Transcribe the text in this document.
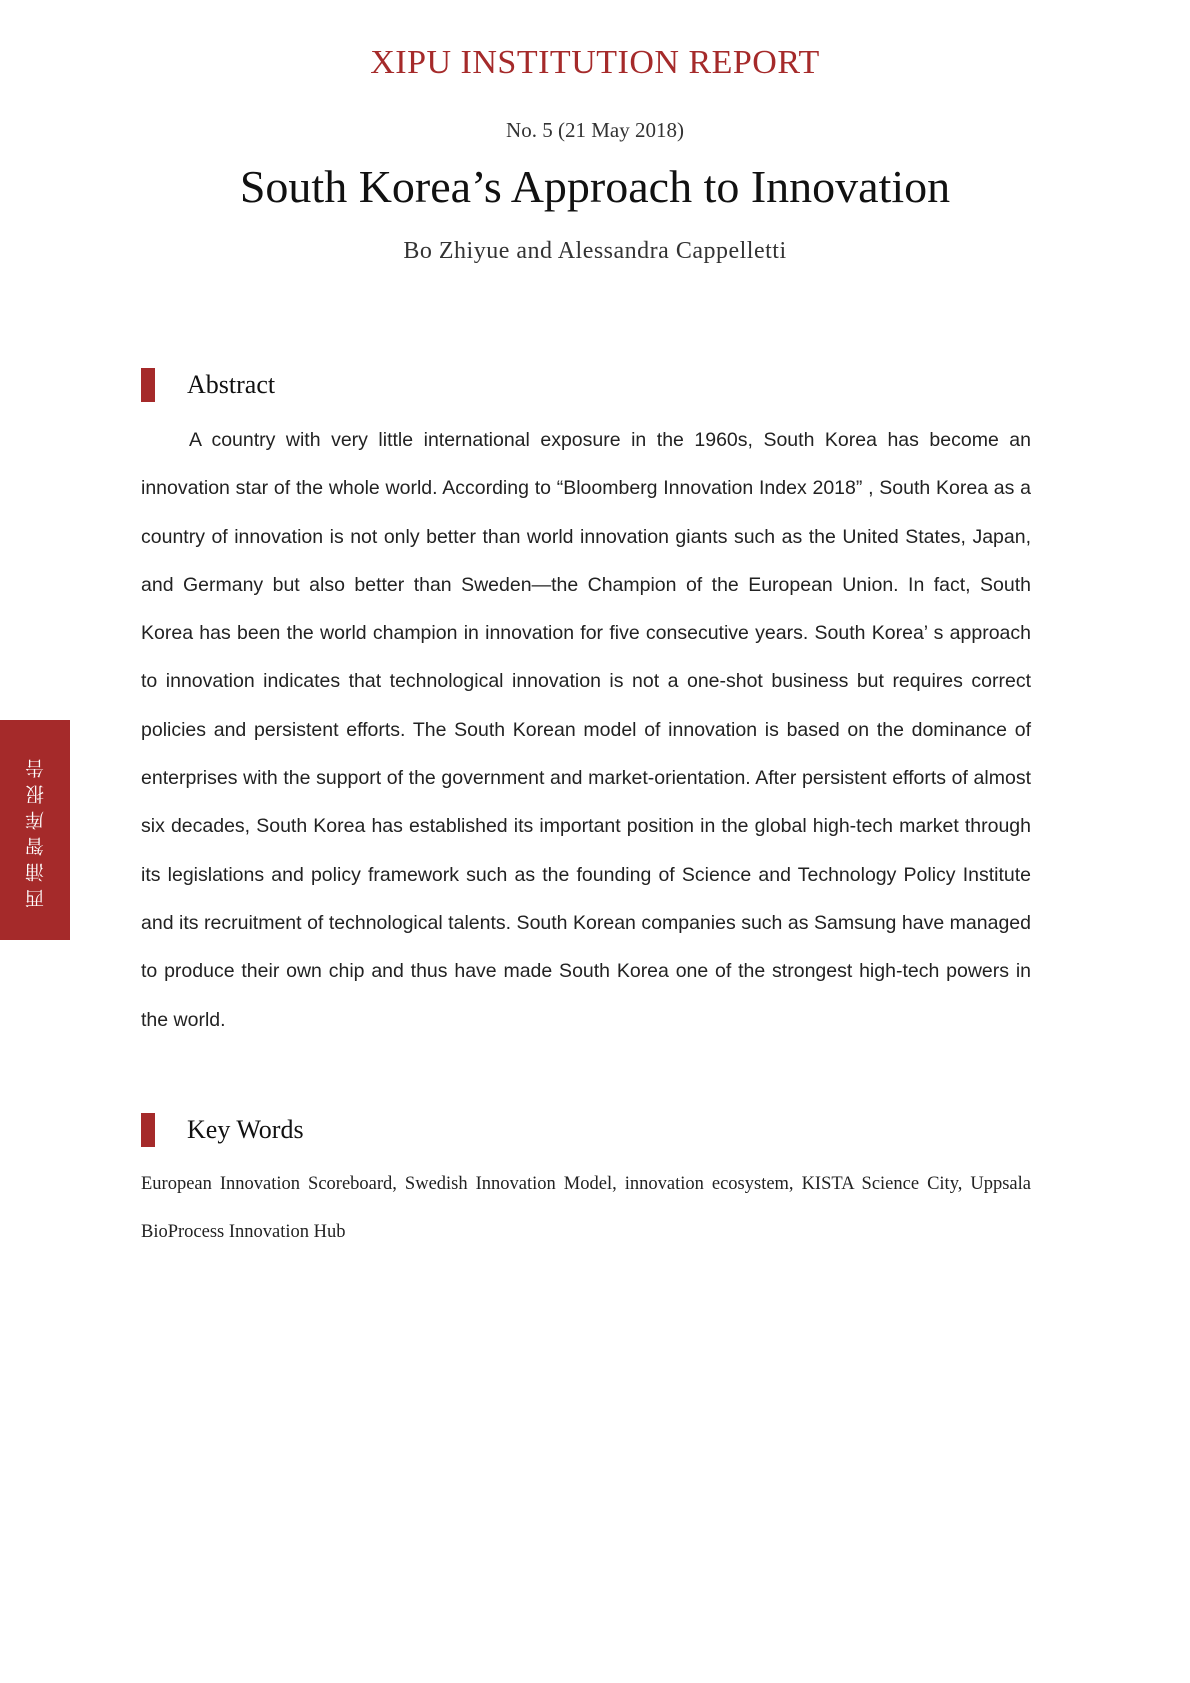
XIPU INSTITUTION REPORT
No. 5 (21 May 2018)
South Korea’s Approach to Innovation
Bo Zhiyue and Alessandra Cappelletti
西浦智库报告
Abstract
A country with very little international exposure in the 1960s, South Korea has become an innovation star of the whole world. According to “Bloomberg Innovation Index 2018” , South Korea as a country of innovation is not only better than world innovation giants such as the United States, Japan, and Germany but also better than Sweden—the Champion of the European Union. In fact, South Korea has been the world champion in innovation for five consecutive years. South Korea’ s approach to innovation indicates that technological innovation is not a one-shot business but requires correct policies and persistent efforts. The South Korean model of innovation is based on the dominance of enterprises with the support of the government and market-orientation. After persistent efforts of almost six decades, South Korea has established its important position in the global high-tech market through its legislations and policy framework such as the founding of Science and Technology Policy Institute and its recruitment of technological talents. South Korean companies such as Samsung have managed to produce their own chip and thus have made South Korea one of the strongest high-tech powers in the world.
Key Words
European Innovation Scoreboard, Swedish Innovation Model, innovation ecosystem, KISTA Science City, Uppsala BioProcess Innovation Hub
